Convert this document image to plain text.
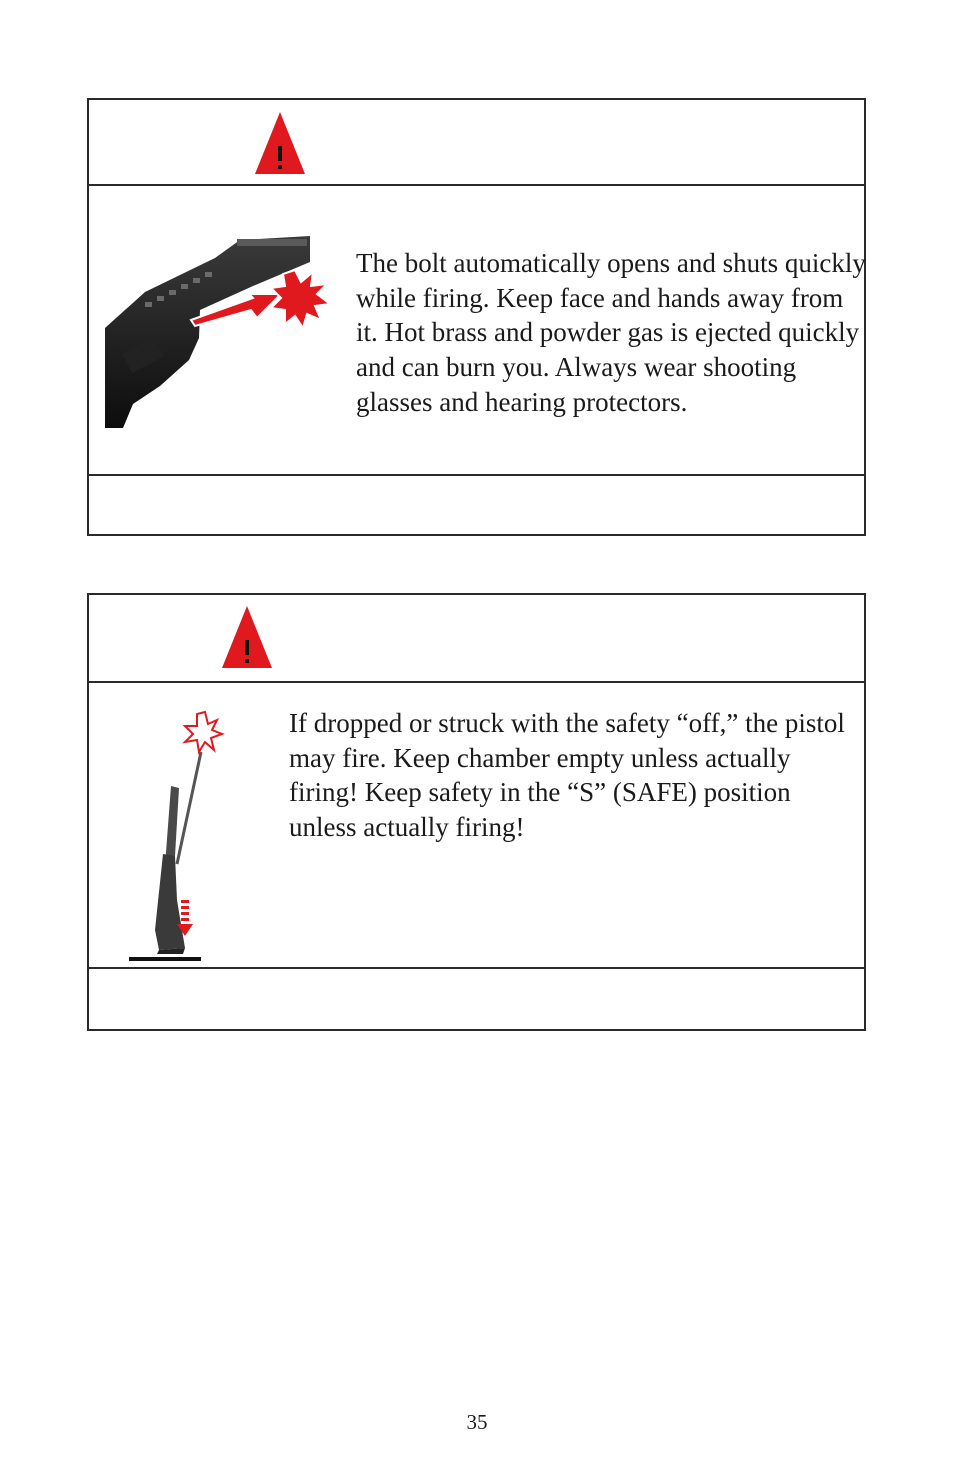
The bolt automatically opens and shuts quickly while firing. Keep face and hands away from it. Hot brass and powder gas is ejected quickly and can burn you. Always wear shooting glasses and hearing protectors.
If dropped or struck with the safety “off,” the pistol may fire. Keep chamber empty unless actually firing! Keep safety in the “S” (SAFE) position unless actually firing!
35
